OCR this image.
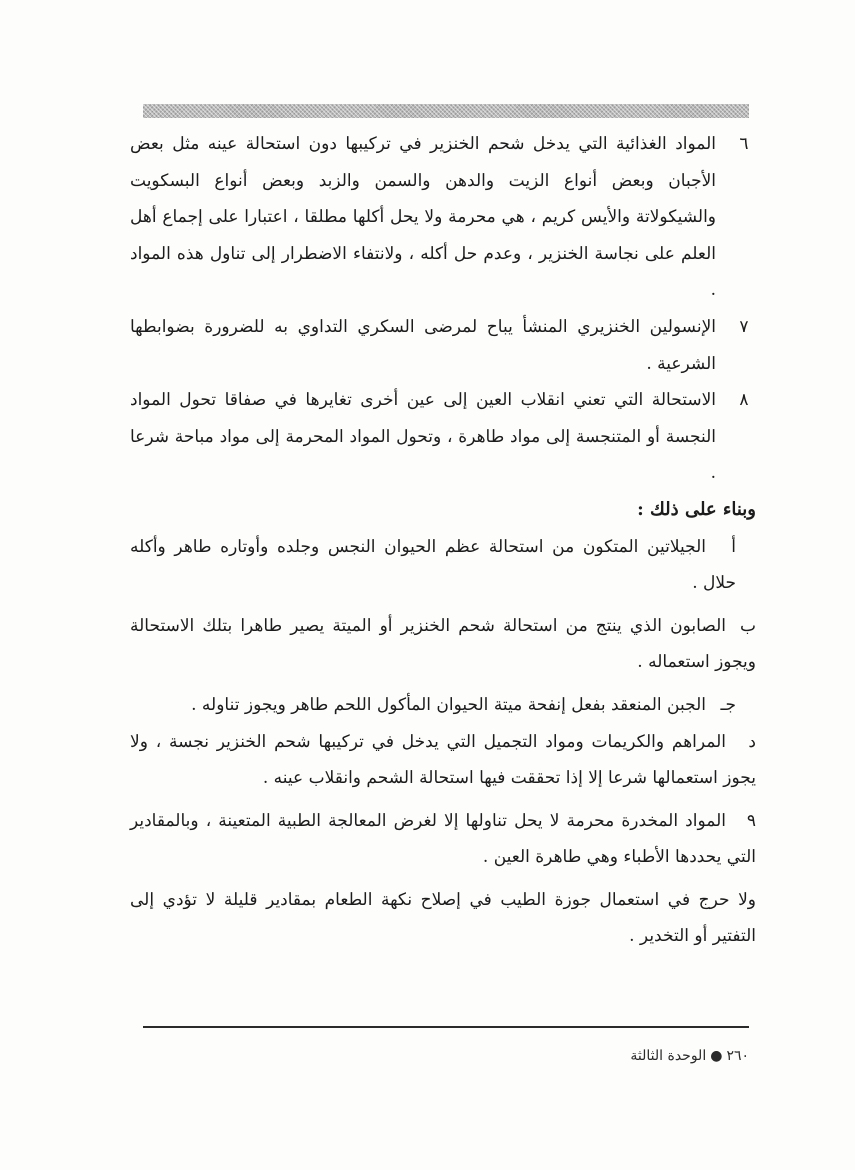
٦
المواد الغذائية التي يدخل شحم الخنزير في تركيبها دون استحالة عينه مثل بعض الأجبان وبعض أنواع الزيت والدهن والسمن والزبد وبعض أنواع البسكويت والشيكولاتة والأيس كريم ، هي محرمة ولا يحل أكلها مطلقا ، اعتبارا على إجماع أهل العلم على نجاسة الخنزير ، وعدم حل أكله ، ولانتفاء الاضطرار إلى تناول هذه المواد .

٧
الإنسولين الخنزيري المنشأ يباح لمرضى السكري التداوي به للضرورة بضوابطها الشرعية .

٨
الاستحالة التي تعني انقلاب العين إلى عين أخرى تغايرها في صفاقا تحول المواد النجسة أو المتنجسة إلى مواد طاهرة ، وتحول المواد المحرمة إلى مواد مباحة شرعا .

وبناء على ذلك :

أالجيلاتين المتكون من استحالة عظم الحيوان النجس وجلده وأوتاره طاهر وأكله حلال .

بالصابون الذي ينتج من استحالة شحم الخنزير أو الميتة يصير طاهرا بتلك الاستحالة ويجوز استعماله .

جـالجبن المنعقد بفعل إنفحة ميتة الحيوان المأكول اللحم طاهر ويجوز تناوله .

دالمراهم والكريمات ومواد التجميل التي يدخل في تركيبها شحم الخنزير نجسة ، ولا يجوز استعمالها شرعا إلا إذا تحققت فيها استحالة الشحم وانقلاب عينه .

٩المواد المخدرة محرمة لا يحل تناولها إلا لغرض المعالجة الطبية المتعينة ، وبالمقادير التي يحددها الأطباء وهي طاهرة العين .

ولا حرج في استعمال جوزة الطيب في إصلاح نكهة الطعام بمقادير قليلة لا تؤدي إلى التفتير أو التخدير .

٢٦٠●الوحدة الثالثة
